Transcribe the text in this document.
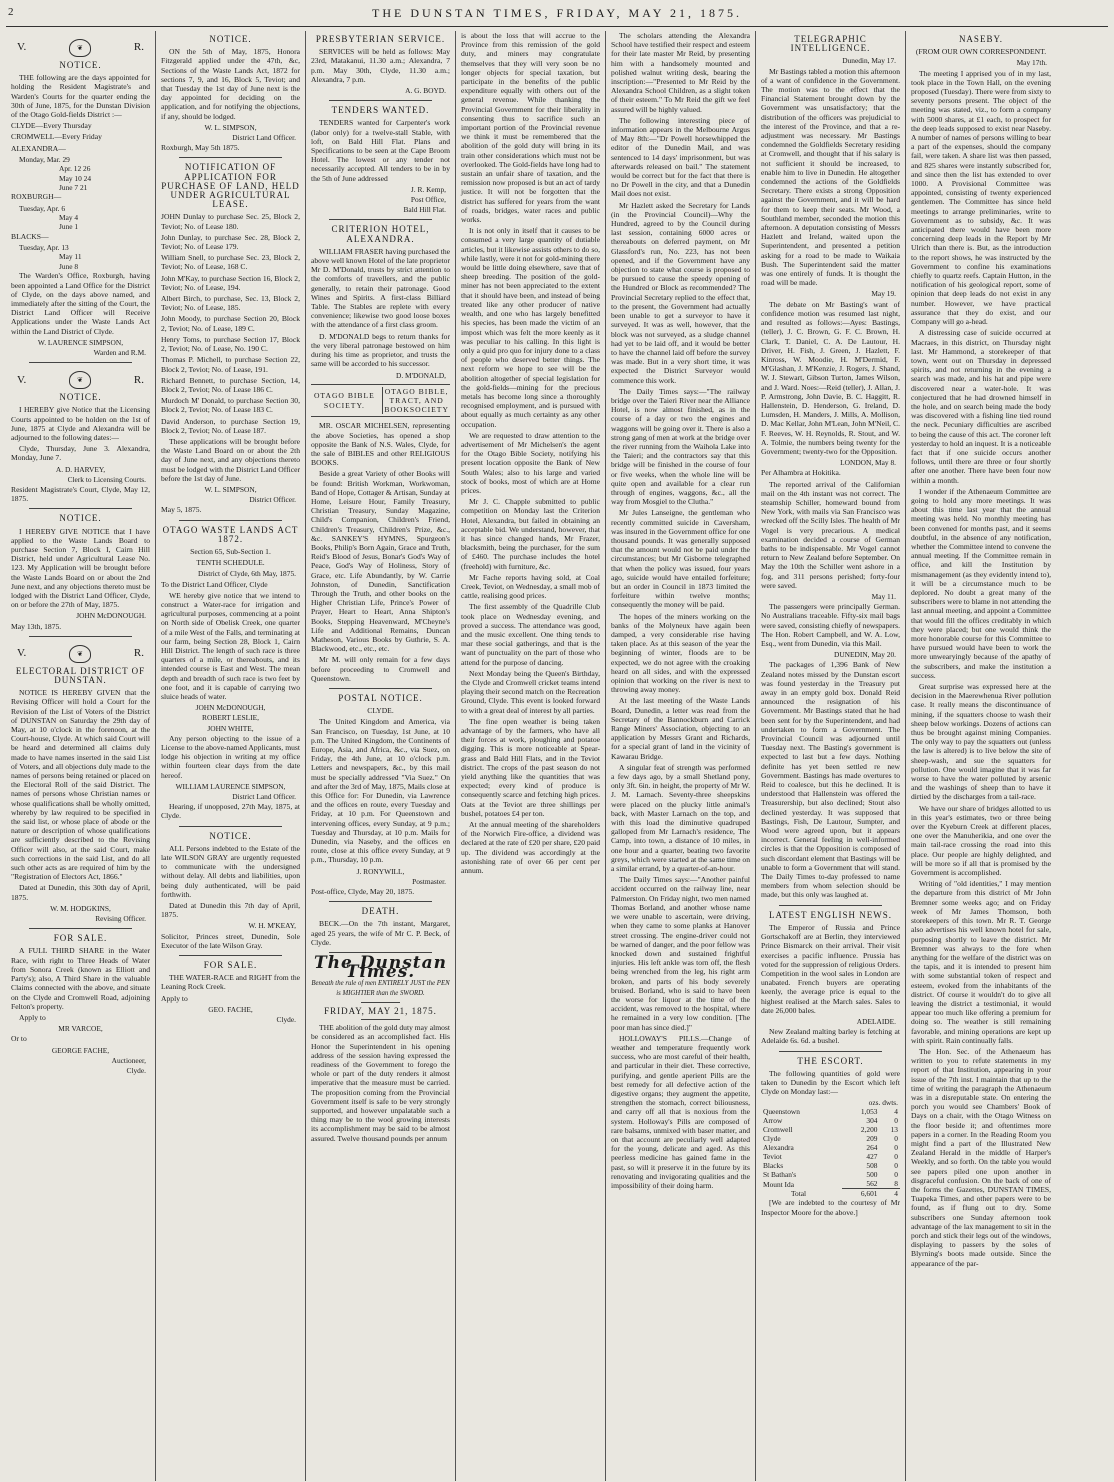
2	THE DUNSTAN TIMES, FRIDAY, MAY 21, 1875.
V.	❦	R.
NOTICE.

THE following are the days appointed for holding the Resident Magistrate's and Warden's Courts for the quarter ending the 30th of June, 1875, for the Dunstan Division of the Otago Gold-fields District :—

CLYDE—Every Thursday

CROMWELL—Every Friday

ALEXANDRA—

Monday, Mar. 29
Apr. 12 26
May 10 24
June 7 21

ROXBURGH—

Tuesday, Apr. 6
May 4
June 1

BLACKS—

Tuesday, Apr. 13
May 11
June 8

The Warden's Office, Roxburgh, having been appointed a Land Office for the District of Clyde, on the days above named, and immediately after the sitting of the Court, the District Land Officer will Receive Applications under the Waste Lands Act within the Land District of Clyde.

W. LAURENCE SIMPSON,
Warden and R.M.
V.	❦	R.
NOTICE.

I HEREBY give Notice that the Licensing Courts appointed to be holden on the 1st of June, 1875 at Clyde and Alexandra will be adjourned to the following dates:—

Clyde, Thursday, June 3. Alexandra, Monday, June 7.

A. D. HARVEY,
Clerk to Licensing Courts.

Resident Magistrate's Court, Clyde, May 12, 1875.

NOTICE.

I HEREBY GIVE NOTICE that I have applied to the Waste Lands Board to purchase Section 7, Block I, Cairn Hill District, held under Agricultural Lease No. 123. My Application will be brought before the Waste Lands Board on or about the 2nd June next, and any objections thereto must be lodged with the District Land Officer, Clyde, on or before the 27th of May, 1875.

JOHN McDONOUGH.

May 13th, 1875.

V.	❦	R.
ELECTORAL DISTRICT OF DUNSTAN.

NOTICE IS HEREBY GIVEN that the Revising Officer will hold a Court for the Revision of the List of Voters of the District of DUNSTAN on Saturday the 29th day of May, at 10 o'clock in the forenoon, at the Court-house, Clyde. At which said Court will be heard and determined all claims duly made to have names inserted in the said List of Voters, and all objections duly made to the names of persons being retained or placed on the Electoral Roll of the said District. The names of persons whose Christian names or whose qualifications shall be wholly omitted, whereby by law required to be specified in the said list, or whose place of abode or the nature or description of whose qualifications are sufficiently described to the Revising Officer will also, at the said Court, make such corrections in the said List, and do all such other acts as are required of him by the "Registration of Electors Act, 1866."

Dated at Dunedin, this 30th day of April, 1875.

W. M. HODGKINS,
Revising Officer.
FOR SALE.

A FULL THIRD SHARE in the Water Race, with right to Three Heads of Water from Sonora Creek (known as Elliott and Party's); also, A Third Share in the valuable Claims connected with the above, and situate on the Clyde and Cromwell Road, adjoining Felton's property.

Apply to

MR VARCOE,

Or to

GEORGE FACHE,
Auctioneer,
Clyde.
NOTICE.

ON the 5th of May, 1875, Honora Fitzgerald applied under the 47th, &c, Sections of the Waste Lands Act, 1872 for sections 7, 9, and 16, Block 5, Teviot; and that Tuesday the 1st day of June next is the day appointed for deciding on the application, and for notifying the objections, if any, should be lodged.

W. L. SIMPSON,
District Land Officer.

Roxburgh, May 5th 1875.

NOTIFICATION OF APPLICATION FOR PURCHASE OF LAND, HELD UNDER AGRICULTURAL LEASE.

JOHN Dunlay to purchase Sec. 25, Block 2, Teviot; No. of Lease 180.

John Dunlay, to purchase Sec. 28, Block 2, Teviot; No. of Lease 179.

William Snell, to purchase Sec. 23, Block 2, Teviot; No. of Lease, 168 C.

John M'Kay, to purchase Section 16, Block 2, Teviot; No. of Lease, 194.

Albert Birch, to purchase, Sec. 13, Block 2, Teviot; No. of Lease, 185.

John Moody, to purchase Section 20, Block 2, Teviot; No. of Lease, 189 C.

Henry Toms, to purchase Section 17, Block 2, Teviot; No. of Lease, No. 190 C.

Thomas P. Michell, to purchase Section 22, Block 2, Teviot; No. of Lease, 191.

Richard Bennett, to purchase Section, 14, Block 2, Teviot; No. of Lease 186 C.

Murdoch M' Donald, to purchase Section 30, Block 2, Teviot; No. of Lease 183 C.

David Anderson, to purchase Section 19, Block 2, Teviot; No. of Lease 187.

These applications will be brought before the Waste Land Board on or about the 2th day of June next, and any objections thereto must be lodged with the District Land Officer before the 1st day of June.

W. L. SIMPSON,
District Officer.

May 5, 1875.

OTAGO WASTE LANDS ACT 1872.
Section 65, Sub-Section 1.
TENTH SCHEDULE.
District of Clyde, 6th May, 1875.

To the District Land Officer, Clyde

WE hereby give notice that we intend to construct a Water-race for irrigation and agricultural purposes, commencing at a point on North side of Obelisk Creek, one quarter of a mile West of the Falls, and terminating at our farm, being Section 28, Block 1, Cairn Hill District. The length of such race is three quarters of a mile, or thereabouts, and its intended course is East and West. The mean depth and breadth of such race is two feet by one foot, and it is capable of carrying two sluice heads of water.

JOHN McDONOUGH,
ROBERT LESLIE,
JOHN WHITE,

Any person objecting to the issue of a License to the above-named Applicants, must lodge his objection in writing at my office within fourteen clear days from the date hereof.

WILLIAM LAURENCE SIMPSON,
District Land Officer.

Hearing, if unopposed, 27th May, 1875, at Clyde.

NOTICE.

ALL Persons indebted to the Estate of the late WILSON GRAY are urgently requested to communicate with the undersigned without delay. All debts and liabilities, upon being duly authenticated, will be paid forthwith.

Dated at Dunedin this 7th day of April, 1875.

W. H. M'KEAY,

Solicitor, Princes street, Dunedin, Sole Executor of the late Wilson Gray.

FOR SALE.

THE WATER-RACE and RIGHT from the Leaning Rock Creek.

Apply to

GEO. FACHE,
Clyde.
PRESBYTERIAN SERVICE.

SERVICES will be held as follows: May 23rd, Matakanui, 11.30 a.m.; Alexandra, 7 p.m. May 30th, Clyde, 11.30 a.m.; Alexandra, 7 p.m.

A. G. BOYD.
TENDERS WANTED.

TENDERS wanted for Carpenter's work (labor only) for a twelve-stall Stable, with loft, on Bald Hill Flat. Plans and Specifications to be seen at the Cape Broom Hotel. The lowest or any tender not necessarily accepted. All tenders to be in by the 5th of June addressed

J. R. Kemp,
Post Office,
Bald Hill Flat.
CRITERION HOTEL, ALEXANDRA.

WILLIAM FRASER having purchased the above well known Hotel of the late proprietor Mr D. M'Donald, trusts by strict attention to the comforts of travellers, and the public generally, to retain their patronage. Good Wines and Spirits. A first-class Billiard Table. The Stables are replete with every convenience; likewise two good loose boxes with the attendance of a first class groom.

D. M'DONALD begs to return thanks for the very liberal patronage bestowed on him during his time as proprietor, and trusts the same will be accorded to his successor.

D. M'DONALD,
OTAGO BIBLE SOCIETY.
OTAGO BIBLE, TRACT, AND BOOKSOCIETY

MR. OSCAR MICHELSEN, representing the above Societies, has opened a shop opposite the Bank of N.S. Wales, Clyde, for the sale of BIBLES and other RELIGIOUS BOOKS.

Beside a great Variety of other Books will be found: British Workman, Workwoman, Band of Hope, Cottager & Artisan, Sunday at Home, Leisure Hour, Family Treasury, Christian Treasury, Sunday Magazine, Child's Companion, Children's Friend, Children's Treasury, Children's Prize, &c., &c. SANKEY'S HYMNS, Spurgeon's Books, Philip's Born Again, Grace and Truth, Reid's Blood of Jesus, Bonar's God's Way of Peace, God's Way of Holiness, Story of Grace, etc. Life Abundantly, by W. Carrie Johnston, of Dunedin, Sanctification Through the Truth, and other books on the Higher Christian Life, Prince's Power of Prayer, Heart to Heart, Anna Shipton's Books, Stepping Heavenward, M'Cheyne's Life and Additional Remains, Duncan Matheson, Various Books by Guthrie, S. A. Blackwood, etc., etc., etc.

Mr M. will only remain for a few days before proceeding to Cromwell and Queenstown.

POSTAL NOTICE.
CLYDE.

The United Kingdom and America, via San Francisco, on Tuesday, 1st June, at 10 p.m. The United Kingdom, the Continents of Europe, Asia, and Africa, &c., via Suez, on Friday, the 4th June, at 10 o'clock p.m. Letters and newspapers, &c., by this mail must be specially addressed "Via Suez." On and after the 3rd of May, 1875, Mails close at this Office for: For Dunedin, via Lawrence and the offices en route, every Tuesday and Friday, at 10 p.m. For Queenstown and intervening offices, every Sunday, at 9 p.m.; Tuesday and Thursday, at 10 p.m. Mails for Dunedin, via Naseby, and the offices en route, close at this office every Sunday, at 9 p.m., Thursday, 10 p.m.

J. RONYWILL,
Postmaster.

Post-office, Clyde, May 20, 1875.

DEATH.

BECK.—On the 7th instant, Margaret, aged 25 years, the wife of Mr C. P. Beck, of Clyde.

The Dunstan Times.
Beneath the rule of men ENTIRELY JUST the PEN is MIGHTIER than the SWORD.
FRIDAY, MAY 21, 1875.

THE abolition of the gold duty may almost be considered as an accomplished fact. His Honor the Superintendent in his opening address of the session having expressed the readiness of the Government to forego the whole or part of the duty renders it almost imperative that the measure must be carried. The proposition coming from the Provincial Government itself is safe to be very strongly supported, and however unpalatable such a thing may be to the wool growing interests its accomplishment may be said to be almost assured. Twelve thousand pounds per annum

is about the loss that will accrue to the Province from this remission of the gold duty, and miners may congratulate themselves that they will very soon be no longer objects for special taxation, but participate in the benefits of the public expenditure equally with others out of the general revenue. While thanking the Provincial Government for their liberality in consenting thus to sacrifice such an important portion of the Provincial revenue we think it must be remembered that the abolition of the gold duty will bring in its train other considerations which must not be overlooked. The Gold-fields have long had to sustain an unfair share of taxation, and the remission now proposed is but an act of tardy justice. It will not be forgotten that the district has suffered for years from the want of roads, bridges, water races and public works.

It is not only in itself that it causes to be consumed a very large quantity of dutiable articles, but it likewise assists others to do so, while lastly, were it not for gold-mining there would be little doing elsewhere, save that of sheep breeding. The position of the gold-miner has not been appreciated to the extent that it should have been, and instead of being treated like any other producer of native wealth, and one who has largely benefitted his species, has been made the victim of an impost which was felt the more keenly as it was peculiar to his calling. In this light is only a quid pro quo for injury done to a class of people who deserved better things. The next reform we hope to see will be the abolition altogether of special legislation for the gold-fields—mining for the precious metals has become long since a thoroughly recognised employment, and is pursued with about equally as much certainty as any other occupation.

We are requested to draw attention to the advertisement of Mr Michelsen's the agent for the Otago Bible Society, notifying his present location opposite the Bank of New South Wales; also to his large and varied stock of books, most of which are at Home prices.

Mr J. C. Chapple submitted to public competition on Monday last the Criterion Hotel, Alexandra, but failed in obtaining an acceptable bid. We understand, however, that it has since changed hands, Mr Frazer, blacksmith, being the purchaser, for the sum of £460. The purchase includes the hotel (freehold) with furniture, &c.

Mr Fache reports having sold, at Coal Creek, Teviot, on Wednesday, a small mob of cattle, realising good prices.

The first assembly of the Quadrille Club took place on Wednesday evening, and proved a success. The attendance was good, and the music excellent. One thing tends to mar these social gatherings, and that is the want of punctuality on the part of those who attend for the purpose of dancing.

Next Monday being the Queen's Birthday, the Clyde and Cromwell cricket teams intend playing their second match on the Recreation Ground, Clyde. This event is looked forward to with a great deal of interest by all parties.

The fine open weather is being taken advantage of by the farmers, who have all their forces at work, ploughing and potatoe digging. This is more noticeable at Spear-grass and Bald Hill Flats, and in the Teviot district. The crops of the past season do not yield anything like the quantities that was expected; every kind of produce is consequently scarce and fetching high prices. Oats at the Teviot are three shillings per bushel, potatoes £4 per ton.

At the annual meeting of the shareholders of the Norwich Fire-office, a dividend was declared at the rate of £20 per share, £20 paid up. The dividend was accordingly at the astonishing rate of over 66 per cent per annum.

The scholars attending the Alexandra School have testified their respect and esteem for their late master Mr Reid, by presenting him with a handsomely mounted and polished walnut writing desk, bearing the inscription:—"Presented to Mr Reid by the Alexandra School Children, as a slight token of their esteem." To Mr Reid the gift we feel assured will be highly valued.

The following interesting piece of information appears in the Melbourne Argus of May 8th:—"Dr Powell horsewhipped the editor of the Dunedin Mail, and was sentenced to 14 days' imprisonment, but was afterwards released on bail." The statement would be correct but for the fact that there is no Dr Powell in the city, and that a Dunedin Mail does not exist.

Mr Hazlett asked the Secretary for Lands (in the Provincial Council)—Why the Hundred, agreed to by the Council during last session, containing 6000 acres or thereabouts on deferred payment, on Mr Glassford's run, No. 223, has not been opened, and if the Government have any objection to state what course is proposed to be pursued to cause the speedy opening of the Hundred or Block as recommended? The Provincial Secretary replied to the effect that, to the present, the Government had actually been unable to get a surveyor to have it surveyed. It was as well, however, that the block was not surveyed, as a sludge channel had yet to be laid off, and it would be better to have the channel laid off before the survey was made. But in a very short time, it was expected the District Surveyor would commence this work.

The Daily Times says:—"The railway bridge over the Taieri River near the Alliance Hotel, is now almost finished, as in the course of a day or two the engines and waggons will be going over it. There is also a strong gang of men at work at the bridge over the river running from the Waihola Lake into the Taieri; and the contractors say that this bridge will be finished in the course of four or five weeks, when the whole line will be quite open and available for a clear run through of engines, waggons, &c., all the way from Mosgiel to the Clutha."

Mr Jules Lanseigne, the gentleman who recently committed suicide in Caversham, was insured in the Government office for one thousand pounds. It was generally supposed that the amount would not be paid under the circumstances; but Mr Gisborne telegraphed that when the policy was issued, four years ago, suicide would have entailed forfeiture; but an order in Council in 1873 limited the forfeiture within twelve months; consequently the money will be paid.

The hopes of the miners working on the banks of the Molyneux have again been damped, a very considerable rise having taken place. As at this season of the year the beginning of winter, floods are to be expected, we do not agree with the croaking heard on all sides, and with the expressed opinion that working on the river is next to throwing away money.

At the last meeting of the Waste Lands Board, Dunedin, a letter was read from the Secretary of the Bannockburn and Carrick Range Miners' Association, objecting to an application by Messrs Grant and Richards, for a special grant of land in the vicinity of Kawarau Bridge.

A singular feat of strength was performed a few days ago, by a small Shetland pony, only 3ft. 6in. in height, the property of Mr W. J. M. Larnach. Seventy-three sheepskins were placed on the plucky little animal's back, with Master Larnach on the top, and with this load the diminutive quadruped galloped from Mr Larnach's residence, The Camp, into town, a distance of 10 miles, in one hour and a quarter, beating two favorite greys, which were started at the same time on a similar errand, by a quarter-of-an-hour.

The Daily Times says:—"Another painful accident occurred on the railway line, near Palmerston. On Friday night, two men named Thomas Borland, and another whose name we were unable to ascertain, were driving, when they came to some planks at Hanover street crossing. The engine-driver could not be warned of danger, and the poor fellow was knocked down and sustained frightful injuries. His left ankle was torn off, the flesh being wrenched from the leg, his right arm broken, and parts of his body severely bruised. Borland, who is said to have been the worse for liquor at the time of the accident, was removed to the hospital, where he remained in a very low condition. [The poor man has since died.]"

HOLLOWAY'S PILLS.—Change of weather and temperature frequently work success, who are most careful of their health, and particular in their diet. These corrective, purifying, and gentle aperient Pills are the best remedy for all defective action of the digestive organs; they augment the appetite, strengthen the stomach, correct biliousness, and carry off all that is noxious from the system. Holloway's Pills are composed of rare balsams, unmixed with baser matter, and on that account are peculiarly well adapted for the young, delicate and aged. As this peerless medicine has gained fame in the past, so will it preserve it in the future by its renovating and invigorating qualities and the impossibility of their doing harm.

TELEGRAPHIC INTELLIGENCE.
Dunedin, May 17.

Mr Bastings tabled a motion this afternoon of a want of confidence in the Government. The motion was to the effect that the Financial Statement brought down by the Government was unsatisfactory; that the distribution of the officers was prejudicial to the interest of the Province, and that a re-adjustment was necessary. Mr Bastings condemned the Goldfields Secretary residing at Cromwell, and thought that if his salary is not sufficient it should be increased, to enable him to live in Dunedin. He altogether condemned the actions of the Goldfields Secretary. There exists a strong Opposition against the Government, and it will be hard for them to keep their seats. Mr Wood, a Southland member, seconded the motion this afternoon. A deputation consisting of Messrs Hazlett and Ireland, waited upon the Superintendent, and presented a petition asking for a road to be made to Waikaia Bush. The Superintendent said the matter was one entirely of funds. It is thought the road will be made.

May 19.

The debate on Mr Basting's want of confidence motion was resumed last night, and resulted as follows:—Ayes: Bastings, (teller), J. C. Brown, G. F. C. Brown, H. Clark, T. Daniel, C. A. De Lautour, H. Driver, H. Fish, J. Green, J. Hazlett, F. Kinross, W. Moodie, H. M'Dermid, F. M'Glashan, J. M'Kenzie, J. Rogers, J. Shand, W. J. Stewart, Gibson Turton, James Wilson, and J. Ward. Noes:—Reid (teller), J. Allan, J. P. Armstrong, John Davie, B. C. Haggitt, R. Hallenstein, D. Henderson, G. Ireland, D. Lumsden, H. Manders, J. Mills, A. Mollison, D. Mac Kellar, John M'Lean, John M'Neil, C. F. Reeves, W. H. Reynolds, R. Stout, and W. A. Tolmie, the numbers being twenty for the Government; twenty-two for the Opposition.

LONDON, May 8.

Per Alhambra at Hokitika.

The reported arrival of the Californian mail on the 4th instant was not correct. The steamship Schiller, homeward bound from New York, with mails via San Francisco was wrecked off the Scilly Isles. The health of Mr Vogel is very precarious. A medical examination decided a course of German baths to be indispensable. Mr Vogel cannot return to New Zealand before September. On May the 10th the Schiller went ashore in a fog, and 311 persons perished; forty-four were saved.

May 11.

The passengers were principally German. No Australians traceable. Fifty-six mail bags were saved, consisting chiefly of newspapers. The Hon. Robert Campbell, and W. A. Low, Esq., went from Dunedin, via this Mail.

DUNEDIN, May 20.

The packages of 1,396 Bank of New Zealand notes missed by the Dunstan escort was found yesterday in the Treasury put away in an empty gold box. Donald Reid announced the resignation of his Government. Mr Bastings stated that he had been sent for by the Superintendent, and had undertaken to form a Government. The Provincial Council was adjourned until Tuesday next. The Basting's government is expected to last but a few days. Nothing definite has yet been settled re new Government. Bastings has made overtures to Reid to coalesce, but this he declined. It is understood that Hallenstein was offered the Treasurership, but also declined; Stout also declined yesterday. It was supposed that Bastings, Fish, De Lautour, Sumpter, and Wood were agreed upon, but it appears incorrect. General feeling in well-informed circles is that the Opposition is composed of such discordant element that Bastings will be unable to form a Government that will stand. The Daily Times to-day professed to name members from whom selection should be made, but this only was laughed at.

LATEST ENGLISH NEWS.

The Emperor of Russia and Prince Gortschakoff are at Berlin, they interviewed Prince Bismarck on their arrival. Their visit exercises a pacific influence. Prussia has voted for the suppression of religious Orders. Competition in the wool sales in London are unabated. French buyers are operating keenly, the average price is equal to the highest realised at the March sales. Sales to date 26,000 bales.

ADELAIDE.

New Zealand malting barley is fetching at Adelaide 6s. 6d. a bushel.

THE ESCORT.

The following quantities of gold were taken to Dunedin by the Escort which left Clyde on Monday last:—

	ozs. dwts.	
Queenstown	1,053	4
Arrow	304	0
Cromwell	2,200	13
Clyde	209	0
Alexandra	264	0
Teviot	427	0
Blacks	508	0
St Bathan's	500	0
Mount Ida	562	8
Total	6,601	4

[We are indebted to the courtesy of Mr Inspector Moore for the above.]

NASEBY.
(FROM OUR OWN CORRESPONDENT.
May 17th.

The meeting I apprised you of in my last, took place in the Town Hall, on the evening proposed (Tuesday). There were from sixty to seventy persons present. The object of the meeting was stated, viz., to form a company with 5000 shares, at £1 each, to prospect for the deep leads supposed to exist near Naseby. A number of names of persons willing to bear a part of the expenses, should the company fail, were taken. A share list was then passed, and 825 shares were instantly subscribed for, and since then the list has extended to over 1000. A Provisional Committee was appointed, consisting of twenty experienced gentlemen. The Committee has since held meetings to arrange preliminaries, write to Government as to subsidy, &c. It was anticipated there would have been more concerning deep leads in the Report by Mr Ulrich than there is. But, as the introduction to the report shows, he was instructed by the Government to confine his examinations chiefly to quartz reefs. Captain Hutton, in the notification of his geological report, some of opinion that deep leads do not exist in any number. However, we have practical assurance that they do exist, and our Company will go a-head.

A distressing case of suicide occurred at Macraes, in this district, on Thursday night last. Mr Hammond, a storekeeper of that town, went out on Thursday in depressed spirits, and not returning in the evening a search was made, and his hat and pipe were discovered near a water-hole. It was conjectured that he had drowned himself in the hole, and on search being made the body was discovered with a fishing line tied round the neck. Pecuniary difficulties are ascribed to being the cause of this act. The coroner left yesterday to hold an inquest. It is a noticeable fact that if one suicide occurs another follows, until there are three or four shortly after one another. There have been four now within a month.

I wonder if the Athenaeum Committee are going to hold any more meetings. It was about this time last year that the annual meeting was held. No monthly meeting has been convened for months past, and it seems doubtful, in the absence of any notification, whether the Committee intend to convene the annual meeting. If the Committee remain in office, and kill the Institution by mismanagement (as they evidently intend to), it will be a circumstance much to be deplored. No doubt a great many of the subscribers were to blame in not attending the last annual meeting, and appoint a Committee that would fill the offices creditably in which they were placed; but one would think the more honorable course for this Committee to have pursued would have been to work the more unwearyingly because of the apathy of the subscribers, and make the institution a success.

Great surprise was expressed here at the decision in the Maerewhenua River pollution case. It really means the discontinuance of mining, if the squatters choose to wash their sheep below workings. Dozens of actions can thus be brought against mining Companies. The only way to pay the squatters out (unless the law is altered) is to live below the site of sheep-wash, and sue the squatters for pollution. One would imagine that it was far worse to have the water polluted by arsenic and the washings of sheep than to have it dirtied by the discharges from a tail-race.

We have our share of bridges allotted to us in this year's estimates, two or three being over the Kyeburn Creek at different places, one over the Manuherikia, and one over the main tail-race crossing the road into this place. Our people are highly delighted, and will be more so if all that is promised by the Government is accomplished.

Writing of "old identities," I may mention the departure from this district of Mr John Bremner some weeks ago; and on Friday week of Mr James Thomson, both storekeepers of this town. Mr R. T. George also advertises his well known hotel for sale, purposing shortly to leave the district. Mr Bremner was always to the fore when anything for the welfare of the district was on the tapis, and it is intended to present him with some substantial token of respect and esteem, evoked from the inhabitants of the district. Of course it wouldn't do to give all leaving the district a testimonial, it would appear too much like offering a premium for doing so. The weather is still remaining favorable, and mining operations are kept up with spirit. Rain continually falls.

The Hon. Sec. of the Athenaeum has written to you to refute statements in my report of that Institution, appearing in your issue of the 7th inst. I maintain that up to the time of writing the paragraph the Athenaeum was in a disreputable state. On entering the porch you would see Chambers' Book of Days on a chair, with the Otago Witness on the floor beside it; and oftentimes more papers in a corner. In the Reading Room you might find a part of the Illustrated New Zealand Herald in the middle of Harper's Weekly, and so forth. On the table you would see papers piled one upon another in disgraceful confusion. On the back of one of the forms the Gazettes, DUNSTAN TIMES, Tuapeka Times, and other papers were to be found, as if flung out to dry. Some subscribers one Sunday afternoon took advantage of the lax management to sit in the porch and stick their legs out of the windows, displaying to passers by the soles of Blyrning's boots made outside. Since the appearance of the par-
